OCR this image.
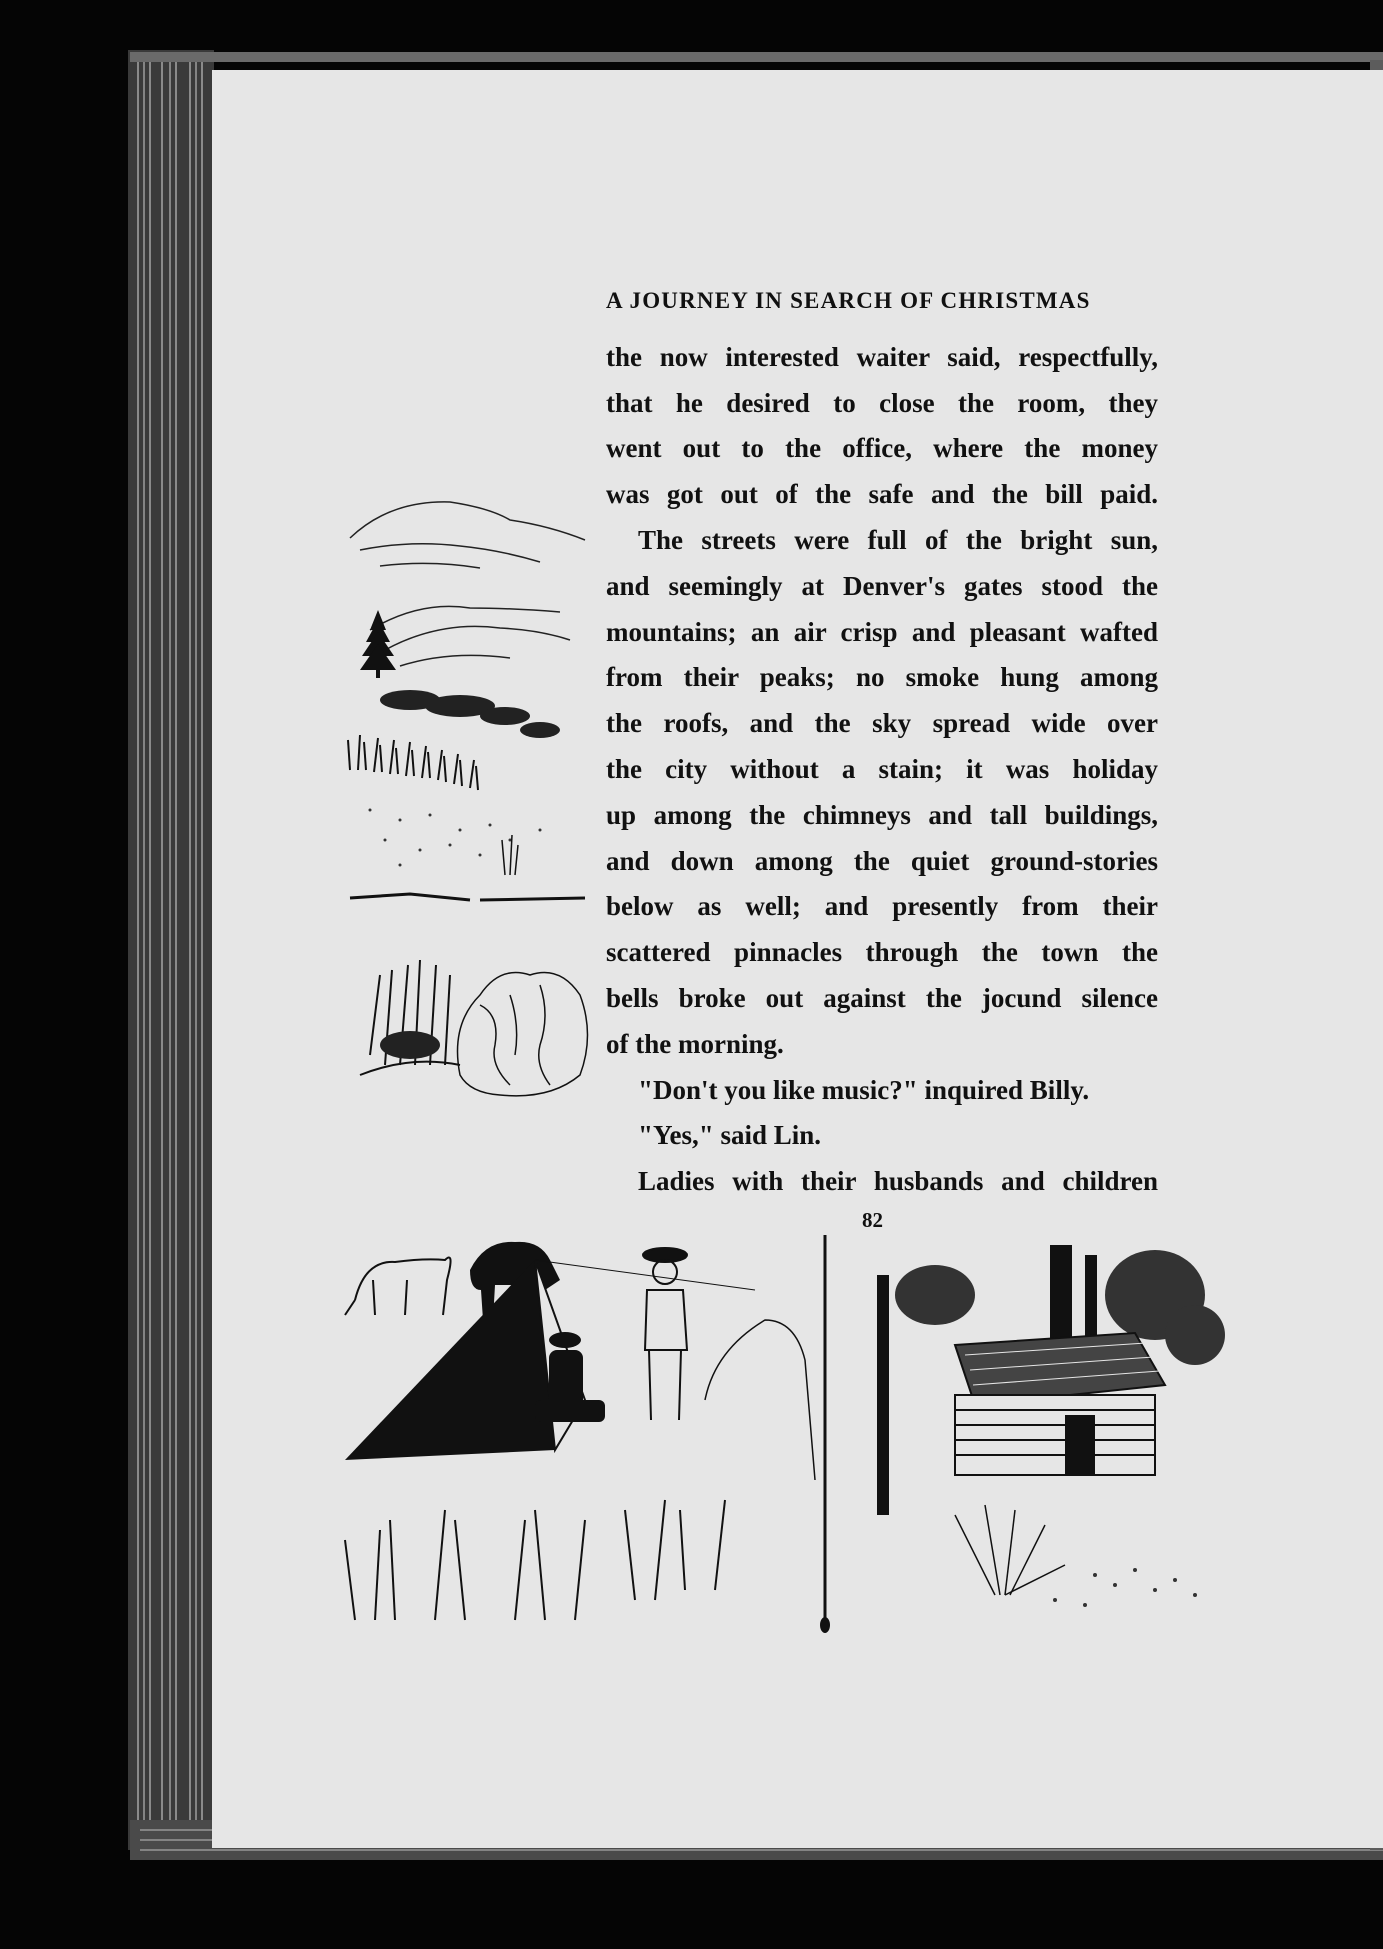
A JOURNEY IN SEARCH OF CHRISTMAS
the now interested waiter said, respectfully,
that he desired to close the room, they
went out to the office, where the money
was got out of the safe and the bill paid.
The streets were full of the bright sun,
and seemingly at Denver's gates stood the
mountains; an air crisp and pleasant wafted
from their peaks; no smoke hung among
the roofs, and the sky spread wide over
the city without a stain; it was holiday
up among the chimneys and tall buildings,
and down among the quiet ground-stories
below as well; and presently from their
scattered pinnacles through the town the
bells broke out against the jocund silence
of the morning.
"Don't you like music?" inquired Billy.
"Yes," said Lin.
Ladies with their husbands and children
82
